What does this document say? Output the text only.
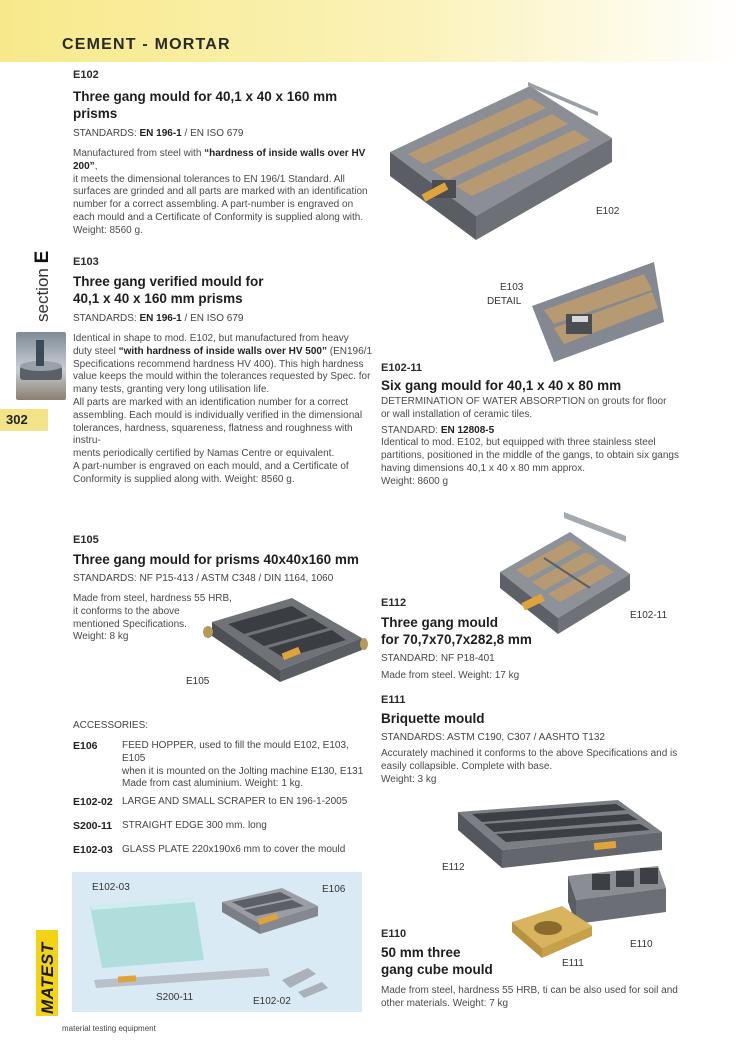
CEMENT - MORTAR
section E
302
E102
Three gang mould for 40,1 x 40 x 160 mm
prisms
STANDARDS: EN 196-1 / EN ISO 679
Manufactured from steel with “hardness of inside walls over HV 200”,
it meets the dimensional tolerances to EN 196/1 Standard. All
surfaces are grinded and all parts are marked with an identification
number for a correct assembling. A part-number is engraved on
each mould and a Certificate of Conformity is supplied along with.
Weight: 8560 g.
E103
Three gang verified mould for
40,1 x 40 x 160 mm prisms
STANDARDS: EN 196-1 / EN ISO 679
Identical in shape to mod. E102, but manufactured from heavy
duty steel “with hardness of inside walls over HV 500” (EN196/1
Specifications recommend hardness HV 400). This high hardness
value keeps the mould within the tolerances requested by Spec. for
many tests, granting very long utilisation life.
All parts are marked with an identification number for a correct
assembling. Each mould is individually verified in the dimensional
tolerances, hardness, squareness, flatness and roughness with instru-
ments periodically certified by Namas Centre or equivalent.
A part-number is engraved on each mould, and a Certificate of
Conformity is supplied along with. Weight: 8560 g.
E105
Three gang mould for prisms 40x40x160 mm
STANDARDS: NF P15-413 / ASTM C348 / DIN 1164, 1060
Made from steel, hardness 55 HRB,
it conforms to the above
mentioned Specifications.
Weight: 8 kg
E105
ACCESSORIES:
E106 FEED HOPPER, used to fill the mould E102, E103, E105
when it is mounted on the Jolting machine E130, E131
Made from cast aluminium. Weight: 1 kg.
E102-02 LARGE AND SMALL SCRAPER to EN 196-1-2005
S200-11 STRAIGHT EDGE 300 mm. long
E102-03 GLASS PLATE 220x190x6 mm to cover the mould
E102-03	E106
S200-11	E102-02
E102
E103
DETAIL
E102-11
Six gang mould for 40,1 x 40 x 80 mm
DETERMINATION OF WATER ABSORPTION on grouts for floor
or wall installation of ceramic tiles.
STANDARD: EN 12808-5
Identical to mod. E102, but equipped with three stainless steel
partitions, positioned in the middle of the gangs, to obtain six gangs
having dimensions 40,1 x 40 x 80 mm approx.
Weight: 8600 g
E102-11
E112
Three gang mould
for 70,7x70,7x282,8 mm
STANDARD: NF P18-401
Made from steel. Weight: 17 kg
E111
Briquette mould
STANDARDS: ASTM C190, C307 / AASHTO T132
Accurately machined it conforms to the above Specifications and is
easily collapsible. Complete with base.
Weight: 3 kg
E112
E110
E111
E110
50 mm three
gang cube mould
Made from steel, hardness 55 HRB, ti can be also used for soil and
other materials. Weight: 7 kg
MATEST
material testing equipment
